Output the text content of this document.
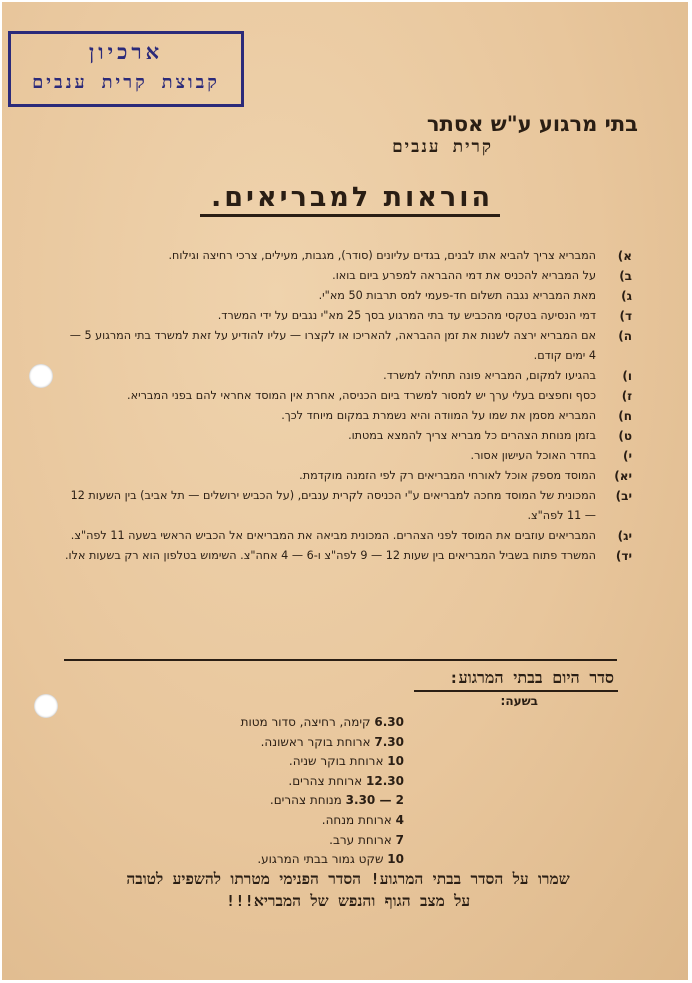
ארכיון
קבוצת קרית ענבים
בתי מרגוע ע"ש אסתר
קרית ענבים
הוראות למבריאים.

א)
המבריא צריך להביא אתו לבנים, בגדים עליונים (סודר), מגבות, מעילים, צרכי רחיצה וגילוח.

ב)
על המבריא להכניס את דמי ההבראה למפרע ביום בואו.

ג)
מאת המבריא נגבה תשלום חד-פעמי למס תרבות 50 מא"י.

ד)
דמי הנסיעה בטקסי מהכביש עד בתי המרגוע בסך 25 מא"י נגבים על ידי המשרד.

ה)
אם המבריא ירצה לשנות את זמן ההבראה, להאריכו או לקצרו — עליו להודיע על זאת למשרד בתי המרגוע 5 — 4 ימים קודם.

ו)
בהגיעו למקום, המבריא פונה תחילה למשרד.

ז)
כסף וחפצים בעלי ערך יש למסור למשרד ביום הכניסה, אחרת אין המוסד אחראי להם בפני המבריא.

ח)
המבריא מסמן את שמו על המוודה והיא נשמרת במקום מיוחד לכך.

ט)
בזמן מנוחת הצהרים כל מבריא צריך להמצא במטתו.

י)
בחדר האוכל העישון אסור.

יא)
המוסד מספק אוכל לאורחי המבריאים רק לפי הזמנה מוקדמת.

יב)
המכונית של המוסד מחכה למבריאים ע"י הכניסה לקרית ענבים, (על הכביש ירושלים — תל אביב) בין השעות 12 — 11 לפה"צ.

יג)
המבריאים עוזבים את המוסד לפני הצהרים. המכונית מביאה את המבריאים אל הכביש הראשי בשעה 11 לפה"צ.

יד)
המשרד פתוח בשביל המבריאים בין שעות 12 — 9 לפה"צ ו-6 — 4 אחה"צ. השימוש בטלפון הוא רק בשעות אלו.

סדר היום בבתי המרגוע:
בשעה:
6.30 קימה, רחיצה, סדור מטות
7.30 ארוחת בוקר ראשונה.
10 ארוחת בוקר שניה.
12.30 ארוחת צהרים.
2 — 3.30 מנוחת צהרים.
4 ארוחת מנחה.
7 ארוחת ערב.
10 שקט גמור בבתי המרגוע.
שמרו על הסדר בבתי המרגוע! הסדר הפנימי מטרתו להשפיע לטובה
על מצב הגוף והנפש של המבריא!!!
